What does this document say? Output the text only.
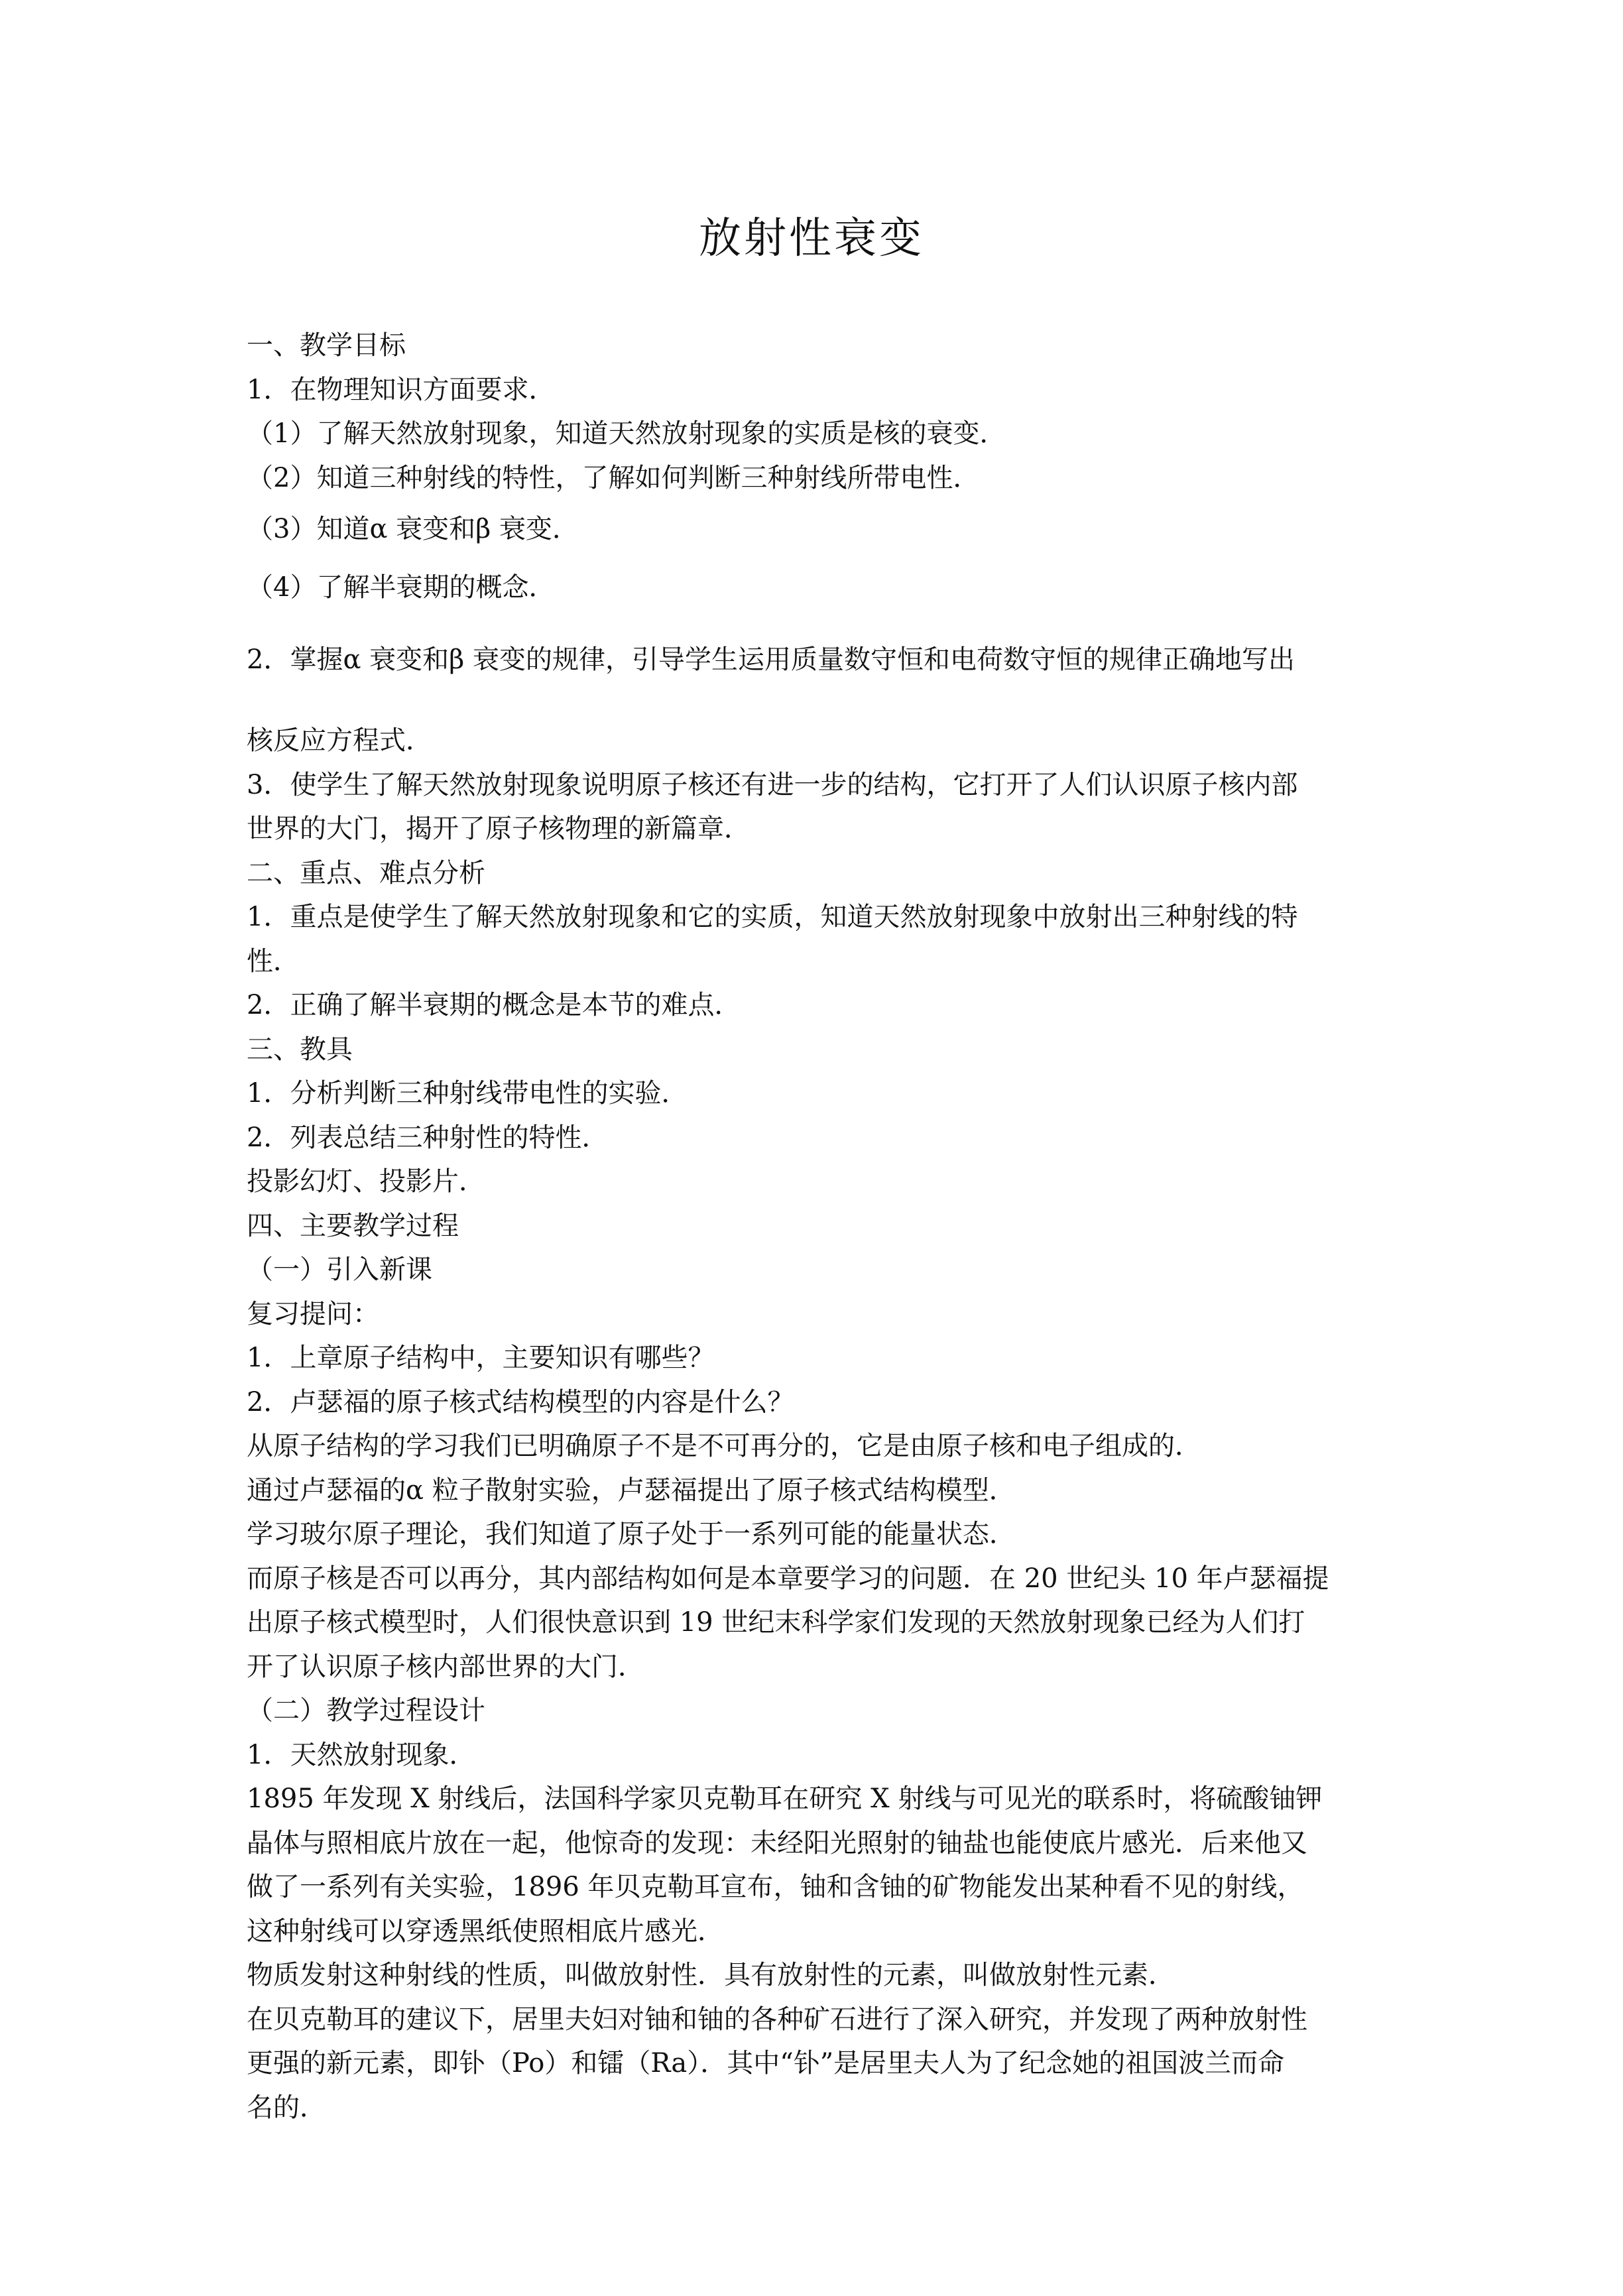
放射性衰变
一、教学目标
1．在物理知识方面要求．
（1）了解天然放射现象，知道天然放射现象的实质是核的衰变．
（2）知道三种射线的特性，了解如何判断三种射线所带电性．
（3）知道α 衰变和β 衰变．
（4）了解半衰期的概念．
2．掌握α 衰变和β 衰变的规律，引导学生运用质量数守恒和电荷数守恒的规律正确地写出
核反应方程式．
3．使学生了解天然放射现象说明原子核还有进一步的结构，它打开了人们认识原子核内部
世界的大门，揭开了原子核物理的新篇章．
二、重点、难点分析
1．重点是使学生了解天然放射现象和它的实质，知道天然放射现象中放射出三种射线的特
性．
2．正确了解半衰期的概念是本节的难点．
三、教具
1．分析判断三种射线带电性的实验．
2．列表总结三种射性的特性．
投影幻灯、投影片．
四、主要教学过程
（一）引入新课
复习提问：
1．上章原子结构中，主要知识有哪些？
2．卢瑟福的原子核式结构模型的内容是什么？
从原子结构的学习我们已明确原子不是不可再分的，它是由原子核和电子组成的．
通过卢瑟福的α 粒子散射实验，卢瑟福提出了原子核式结构模型．
学习玻尔原子理论，我们知道了原子处于一系列可能的能量状态．
而原子核是否可以再分，其内部结构如何是本章要学习的问题．在 20 世纪头 10 年卢瑟福提
出原子核式模型时，人们很快意识到 19 世纪末科学家们发现的天然放射现象已经为人们打
开了认识原子核内部世界的大门．
（二）教学过程设计
1．天然放射现象．
1895 年发现 X 射线后，法国科学家贝克勒耳在研究 X 射线与可见光的联系时，将硫酸铀钾
晶体与照相底片放在一起，他惊奇的发现：未经阳光照射的铀盐也能使底片感光．后来他又
做了一系列有关实验，1896 年贝克勒耳宣布，铀和含铀的矿物能发出某种看不见的射线，
这种射线可以穿透黑纸使照相底片感光．
物质发射这种射线的性质，叫做放射性．具有放射性的元素，叫做放射性元素．
在贝克勒耳的建议下，居里夫妇对铀和铀的各种矿石进行了深入研究，并发现了两种放射性
更强的新元素，即钋（Po）和镭（Ra）．其中“钋”是居里夫人为了纪念她的祖国波兰而命
名的．
